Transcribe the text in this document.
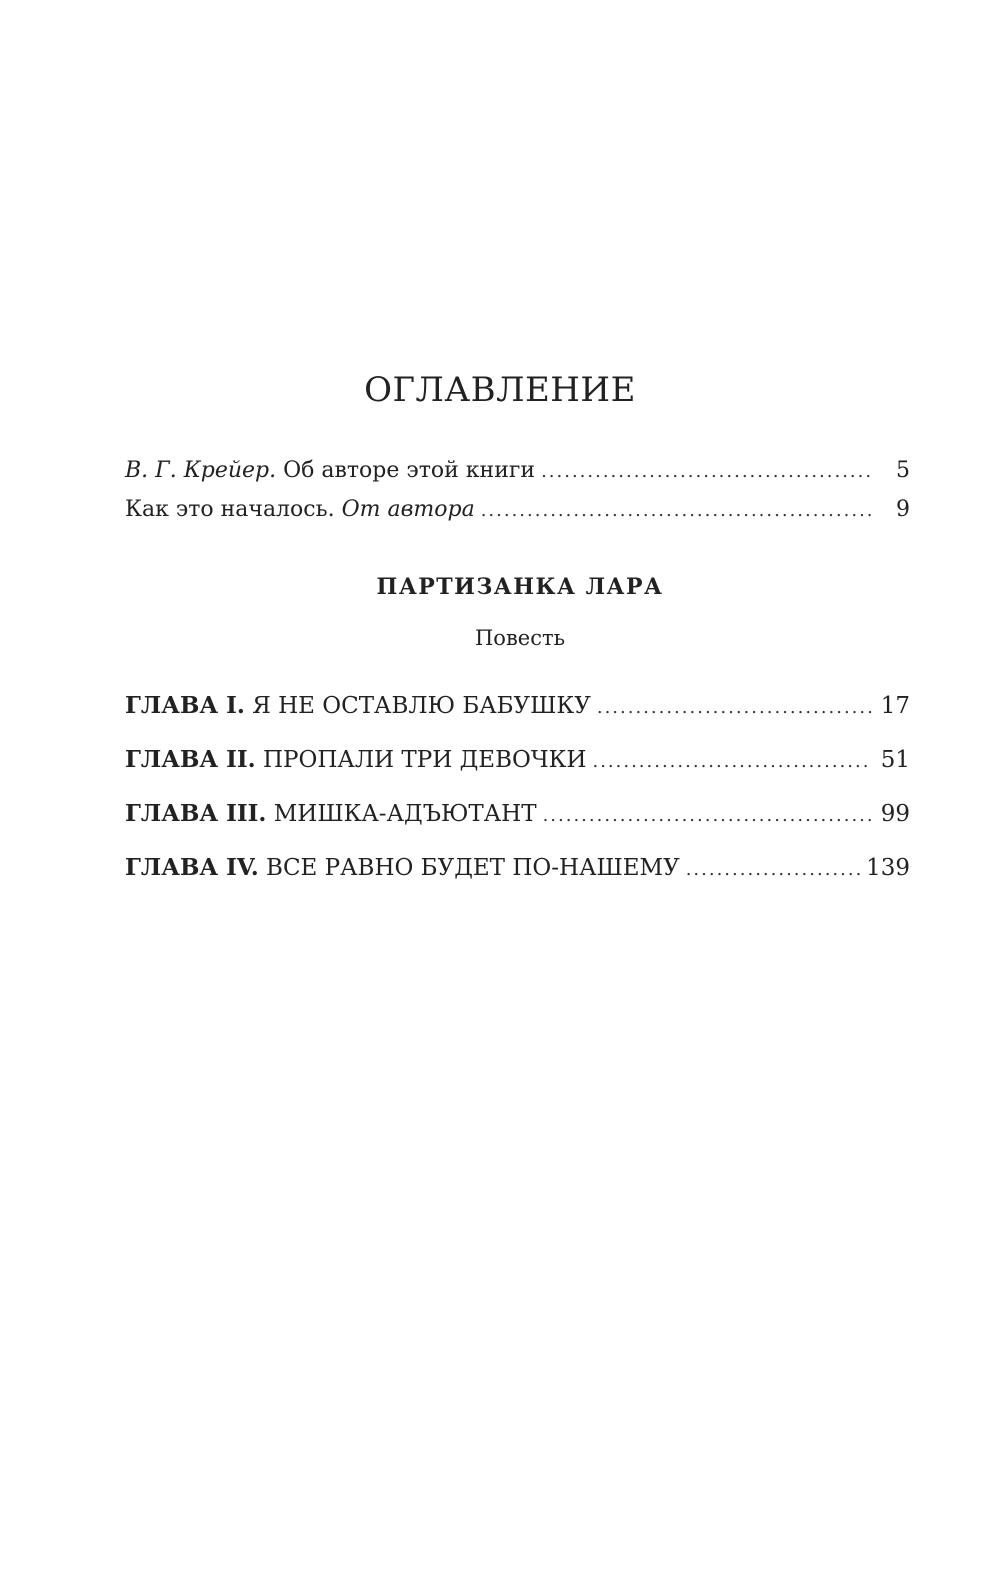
ОГЛАВЛЕНИЕ
В. Г. Крейер. Об авторе этой книги .....	5
Как это началось. От автора .....	9
ПАРТИЗАНКА ЛАРА
Повесть
ГЛАВА I. Я НЕ ОСТАВЛЮ БАБУШКУ .....	17
ГЛАВА II. ПРОПАЛИ ТРИ ДЕВОЧКИ .....	51
ГЛАВА III. МИШКА-АДЪЮТАНТ .....	99
ГЛАВА IV. ВСЕ РАВНО БУДЕТ ПО-НАШЕМУ .....	139
